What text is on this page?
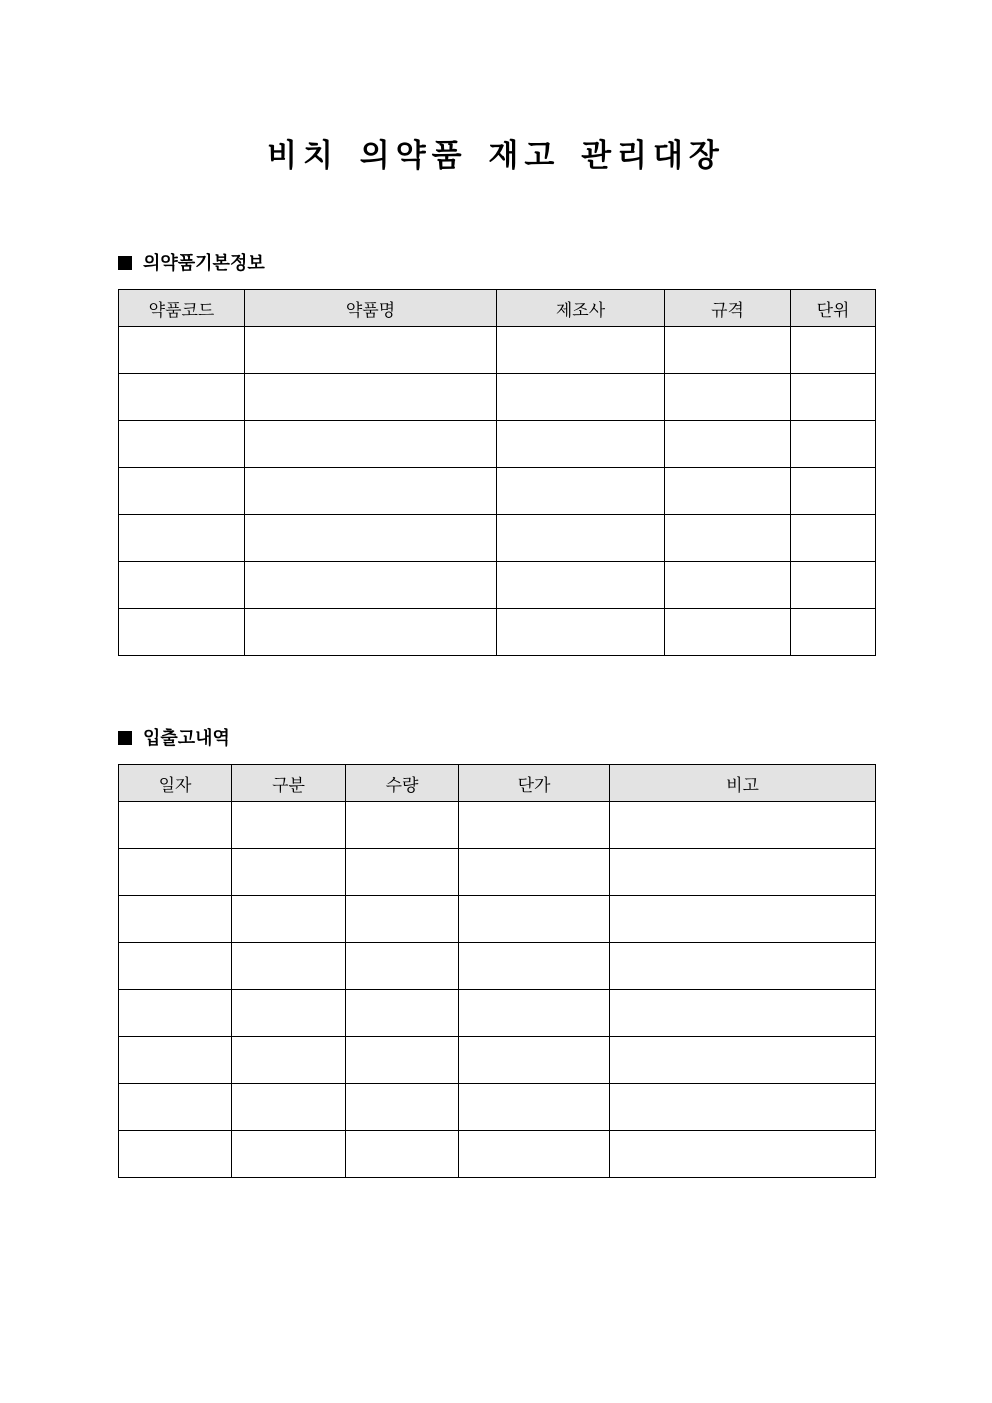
비치 의약품 재고 관리대장
의약품기본정보
약품코드	약품명	제조사	규격	단위

입출고내역
일자	구분	수량	단가	비고
